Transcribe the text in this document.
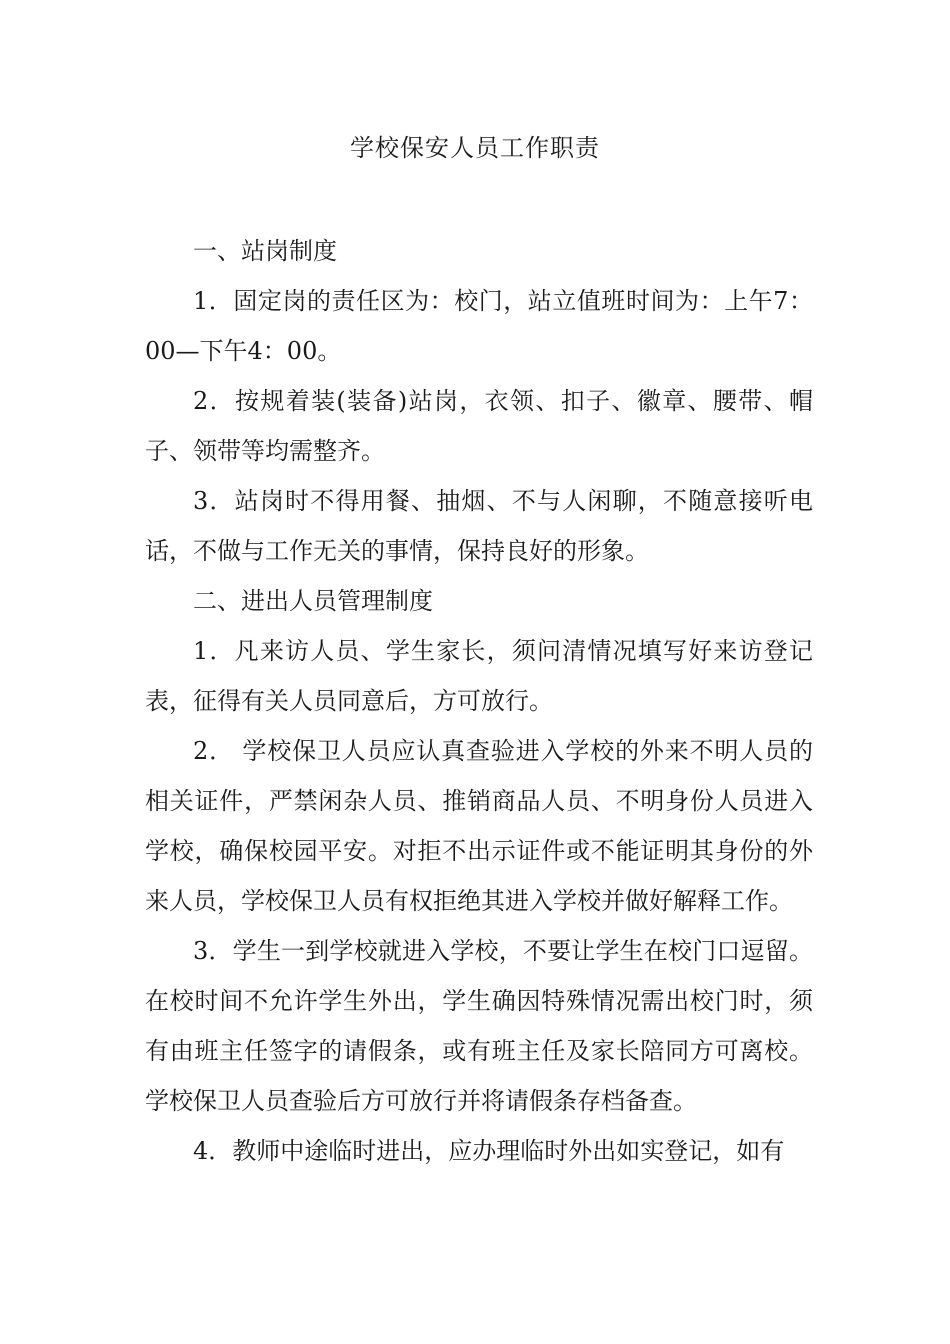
学校保安人员工作职责

一、站岗制度

1．固定岗的责任区为：校门，站立值班时间为：上午7：00—下午4：00。

2．按规着装(装备)站岗，衣领、扣子、徽章、腰带、帽子、领带等均需整齐。

3．站岗时不得用餐、抽烟、不与人闲聊，不随意接听电话，不做与工作无关的事情，保持良好的形象。

二、进出人员管理制度

1．凡来访人员、学生家长，须问清情况填写好来访登记表，征得有关人员同意后，方可放行。

2． 学校保卫人员应认真查验进入学校的外来不明人员的相关证件，严禁闲杂人员、推销商品人员、不明身份人员进入学校，确保校园平安。对拒不出示证件或不能证明其身份的外来人员，学校保卫人员有权拒绝其进入学校并做好解释工作。

3．学生一到学校就进入学校，不要让学生在校门口逗留。在校时间不允许学生外出，学生确因特殊情况需出校门时，须有由班主任签字的请假条，或有班主任及家长陪同方可离校。学校保卫人员查验后方可放行并将请假条存档备查。

4．教师中途临时进出，应办理临时外出如实登记，如有
